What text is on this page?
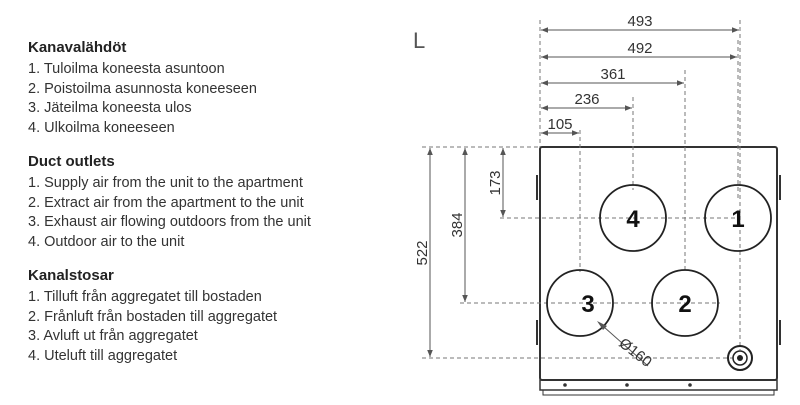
Kanavalähdöt
1. Tuloilma koneesta asuntoon
2. Poistoilma asunnosta koneeseen
3. Jäteilma koneesta ulos
4. Ulkoilma koneeseen
Duct outlets
1. Supply air from the unit to the apartment
2. Extract air from the apartment to the unit
3. Exhaust air flowing outdoors from the unit
4. Outdoor air to the unit
Kanalstosar
1. Tilluft från aggregatet till bostaden
2. Frånluft från bostaden till aggregatet
3. Avluft ut från aggregatet
4. Uteluft till aggregatet
L
493
492
361
236
105
522
384
173
4	1
3	2
Ø160
